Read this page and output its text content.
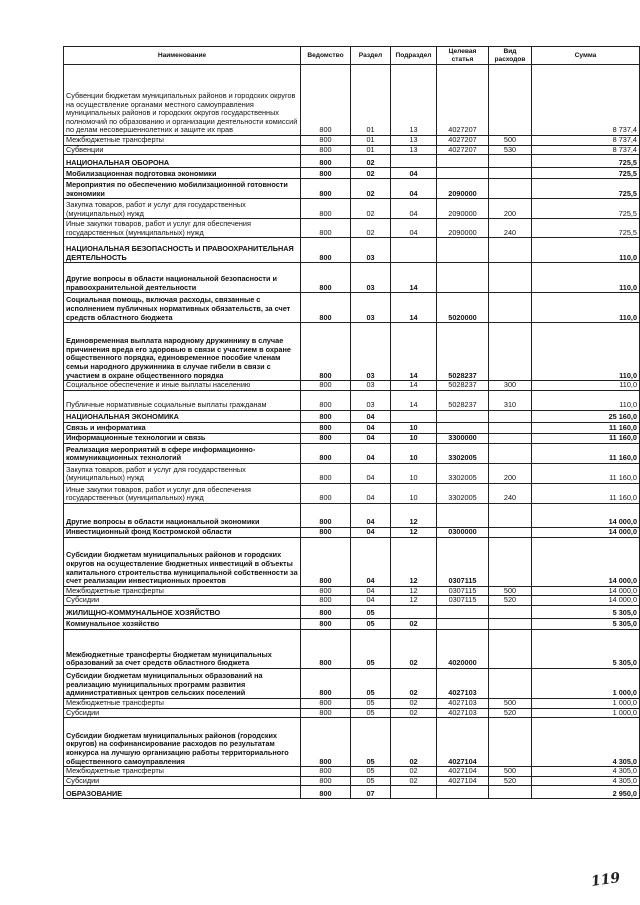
Наименование	Ведомство	Раздел	Подраздел	Целевая статья	Вид расходов	Сумма
Субвенции бюджетам муниципальных районов и городских округов на осуществление органами местного самоуправления муниципальных районов и городских округов государственных полномочий по образованию и организации деятельности комиссий по делам несовершеннолетних и защите их прав	800	01	13	4027207		8 737,4
Межбюджетные трансферты	800	01	13	4027207	500	8 737,4
Субвенции	800	01	13	4027207	530	8 737,4
НАЦИОНАЛЬНАЯ ОБОРОНА	800	02				725,5
Мобилизационная подготовка экономики	800	02	04			725,5
Мероприятия по обеспечению мобилизационной готовности экономики	800	02	04	2090000		725,5
Закупка товаров, работ и услуг для государственных (муниципальных) нужд	800	02	04	2090000	200	725,5
Иные закупки товаров, работ и услуг для обеспечения государственных (муниципальных) нужд	800	02	04	2090000	240	725,5
НАЦИОНАЛЬНАЯ БЕЗОПАСНОСТЬ И ПРАВООХРАНИТЕЛЬНАЯ ДЕЯТЕЛЬНОСТЬ	800	03				110,0
Другие вопросы в области национальной безопасности и правоохранительной деятельности	800	03	14			110,0
Социальная помощь, включая расходы, связанные с исполнением публичных нормативных обязательств, за счет средств областного бюджета	800	03	14	5020000		110,0
Единовременная выплата народному дружиннику в случае причинения вреда его здоровью в связи с участием в охране общественного порядка, единовременное пособие членам семьи народного дружинника в случае гибели в связи с участием в охране общественного порядка	800	03	14	5028237		110,0
Социальное обеспечение и иные выплаты населению	800	03	14	5028237	300	110,0
Публичные нормативные социальные выплаты гражданам	800	03	14	5028237	310	110,0
НАЦИОНАЛЬНАЯ ЭКОНОМИКА	800	04				25 160,0
Связь и информатика	800	04	10			11 160,0
Информационные технологии и связь	800	04	10	3300000		11 160,0
Реализация мероприятий в сфере информационно-коммуникационных технологий	800	04	10	3302005		11 160,0
Закупка товаров, работ и услуг для государственных (муниципальных) нужд	800	04	10	3302005	200	11 160,0
Иные закупки товаров, работ и услуг для обеспечения государственных (муниципальных) нужд	800	04	10	3302005	240	11 160,0
Другие вопросы в области национальной экономики	800	04	12			14 000,0
Инвестиционный фонд Костромской области	800	04	12	0300000		14 000,0
Субсидии бюджетам муниципальных районов и городских округов на осуществление бюджетных инвестиций в объекты капитального строительства муниципальной собственности за счет реализации инвестиционных проектов	800	04	12	0307115		14 000,0
Межбюджетные трансферты	800	04	12	0307115	500	14 000,0
Субсидии	800	04	12	0307115	520	14 000,0
ЖИЛИЩНО-КОММУНАЛЬНОЕ ХОЗЯЙСТВО	800	05				5 305,0
Коммунальное хозяйство	800	05	02			5 305,0
Межбюджетные трансферты бюджетам муниципальных образований за счет средств областного бюджета	800	05	02	4020000		5 305,0
Субсидии бюджетам муниципальных образований на реализацию муниципальных программ развития административных центров сельских поселений	800	05	02	4027103		1 000,0
Межбюджетные трансферты	800	05	02	4027103	500	1 000,0
Субсидии	800	05	02	4027103	520	1 000,0
Субсидии бюджетам муниципальных районов (городских округов) на софинансирование расходов по результатам конкурса на лучшую организацию работы территориального общественного самоуправления	800	05	02	4027104		4 305,0
Межбюджетные трансферты	800	05	02	4027104	500	4 305,0
Субсидии	800	05	02	4027104	520	4 305,0
ОБРАЗОВАНИЕ	800	07				2 950,0
119
